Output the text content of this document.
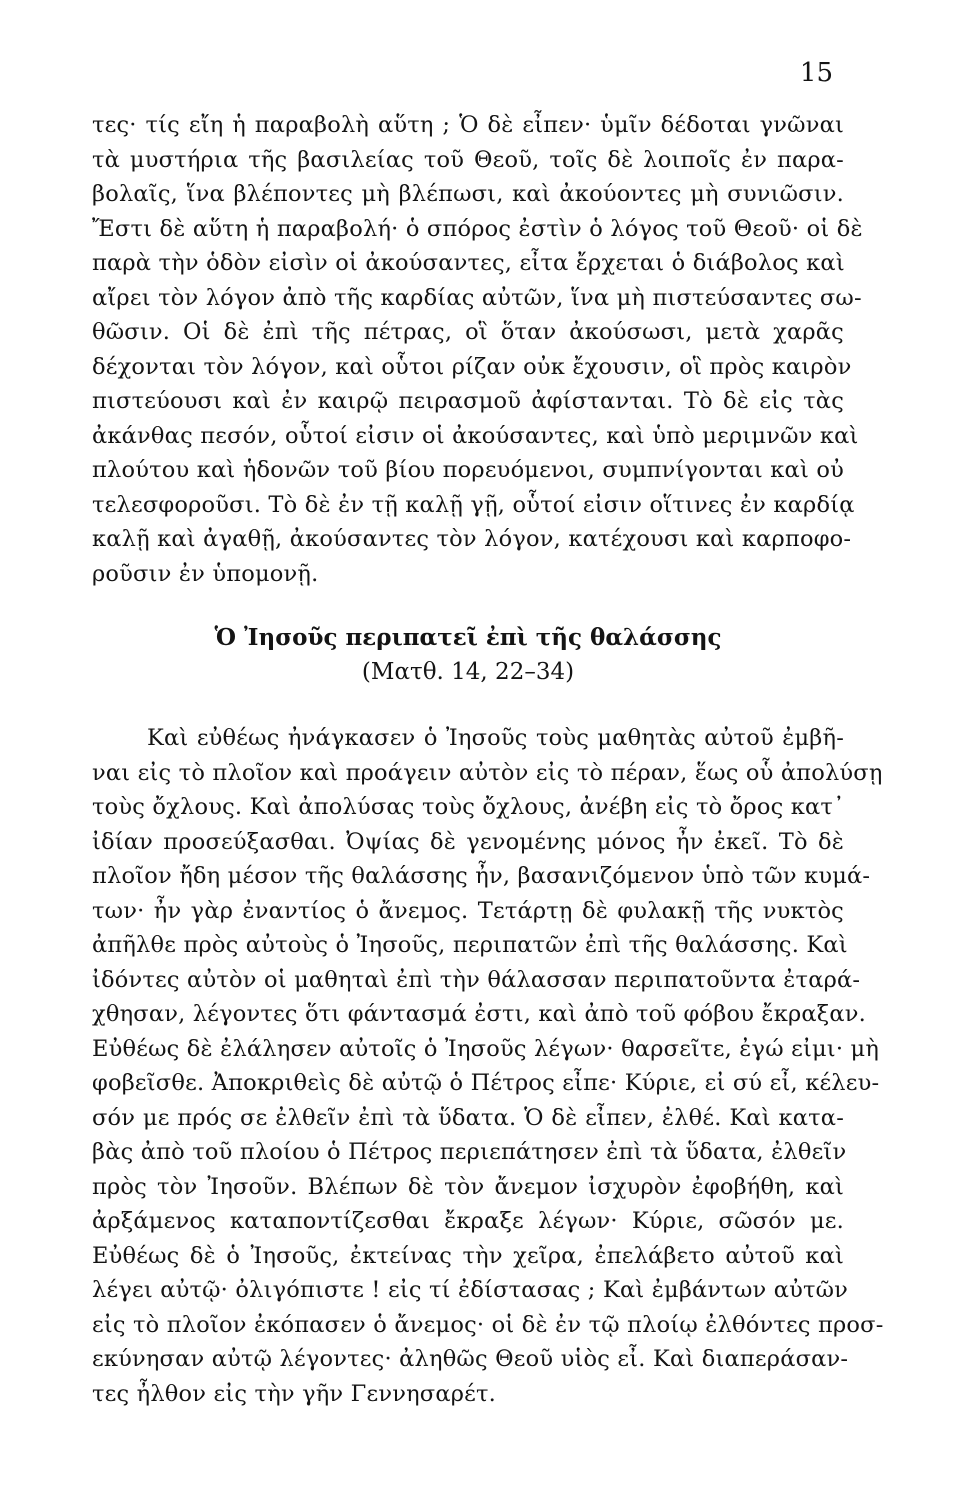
15
τες· τίς εἴη ἡ παραβολὴ αὕτη ; Ὁ δὲ εἶπεν· ὑμῖν δέδοται γνῶναι
τὰ μυστήρια τῆς βασιλείας τοῦ Θεοῦ, τοῖς δὲ λοιποῖς ἐν παρα-
βολαῖς, ἵνα βλέποντες μὴ βλέπωσι, καὶ ἀκούοντες μὴ συνιῶσιν.
Ἔστι δὲ αὕτη ἡ παραβολή· ὁ σπόρος ἐστὶν ὁ λόγος τοῦ Θεοῦ· οἱ δὲ
παρὰ τὴν ὁδὸν εἰσὶν οἱ ἀκούσαντες, εἶτα ἔρχεται ὁ διάβολος καὶ
αἴρει τὸν λόγον ἀπὸ τῆς καρδίας αὐτῶν, ἵνα μὴ πιστεύσαντες σω-
θῶσιν. Οἱ δὲ ἐπὶ τῆς πέτρας, οἳ ὅταν ἀκούσωσι, μετὰ χαρᾶς
δέχονται τὸν λόγον, καὶ οὗτοι ρίζαν οὐκ ἔχουσιν, οἳ πρὸς καιρὸν
πιστεύουσι καὶ ἐν καιρῷ πειρασμοῦ ἀφίστανται. Τὸ δὲ εἰς τὰς
ἀκάνθας πεσόν, οὗτοί εἰσιν οἱ ἀκούσαντες, καὶ ὑπὸ μεριμνῶν καὶ
πλούτου καὶ ἡδονῶν τοῦ βίου πορευόμενοι, συμπνίγονται καὶ οὐ
τελεσφοροῦσι. Τὸ δὲ ἐν τῇ καλῇ γῇ, οὗτοί εἰσιν οἵτινες ἐν καρδίᾳ
καλῇ καὶ ἀγαθῇ, ἀκούσαντες τὸν λόγον, κατέχουσι καὶ καρποφο-
ροῦσιν ἐν ὑπομονῇ.
Ὁ Ἰησοῦς περιπατεῖ ἐπὶ τῆς θαλάσσης
(Ματθ. 14, 22–34)
Καὶ εὐθέως ἠνάγκασεν ὁ Ἰησοῦς τοὺς μαθητὰς αὐτοῦ ἐμβῆ-
ναι εἰς τὸ πλοῖον καὶ προάγειν αὐτὸν εἰς τὸ πέραν, ἕως οὗ ἀπολύσῃ
τοὺς ὄχλους. Καὶ ἀπολύσας τοὺς ὄχλους, ἀνέβη εἰς τὸ ὄρος κατ᾿
ἰδίαν προσεύξασθαι. Ὀψίας δὲ γενομένης μόνος ἦν ἐκεῖ. Τὸ δὲ
πλοῖον ἤδη μέσον τῆς θαλάσσης ἦν, βασανιζόμενον ὑπὸ τῶν κυμά-
των· ἦν γὰρ ἐναντίος ὁ ἄνεμος. Τετάρτῃ δὲ φυλακῇ τῆς νυκτὸς
ἀπῆλθε πρὸς αὐτοὺς ὁ Ἰησοῦς, περιπατῶν ἐπὶ τῆς θαλάσσης. Καὶ
ἰδόντες αὐτὸν οἱ μαθηταὶ ἐπὶ τὴν θάλασσαν περιπατοῦντα ἐταρά-
χθησαν, λέγοντες ὅτι φάντασμά ἐστι, καὶ ἀπὸ τοῦ φόβου ἔκραξαν.
Εὐθέως δὲ ἐλάλησεν αὐτοῖς ὁ Ἰησοῦς λέγων· θαρσεῖτε, ἐγώ εἰμι· μὴ
φοβεῖσθε. Ἀποκριθεὶς δὲ αὐτῷ ὁ Πέτρος εἶπε· Κύριε, εἰ σύ εἶ, κέλευ-
σόν με πρός σε ἐλθεῖν ἐπὶ τὰ ὕδατα. Ὁ δὲ εἶπεν, ἐλθέ. Καὶ κατα-
βὰς ἀπὸ τοῦ πλοίου ὁ Πέτρος περιεπάτησεν ἐπὶ τὰ ὕδατα, ἐλθεῖν
πρὸς τὸν Ἰησοῦν. Βλέπων δὲ τὸν ἄνεμον ἰσχυρὸν ἐφοβήθη, καὶ
ἀρξάμενος καταποντίζεσθαι ἔκραξε λέγων· Κύριε, σῶσόν με.
Εὐθέως δὲ ὁ Ἰησοῦς, ἐκτείνας τὴν χεῖρα, ἐπελάβετο αὐτοῦ καὶ
λέγει αὐτῷ· ὀλιγόπιστε ! εἰς τί ἐδίστασας ; Καὶ ἐμβάντων αὐτῶν
εἰς τὸ πλοῖον ἐκόπασεν ὁ ἄνεμος· οἱ δὲ ἐν τῷ πλοίῳ ἐλθόντες προσ-
εκύνησαν αὐτῷ λέγοντες· ἀληθῶς Θεοῦ υἱὸς εἶ. Καὶ διαπεράσαν-
τες ἦλθον εἰς τὴν γῆν Γεννησαρέτ.
